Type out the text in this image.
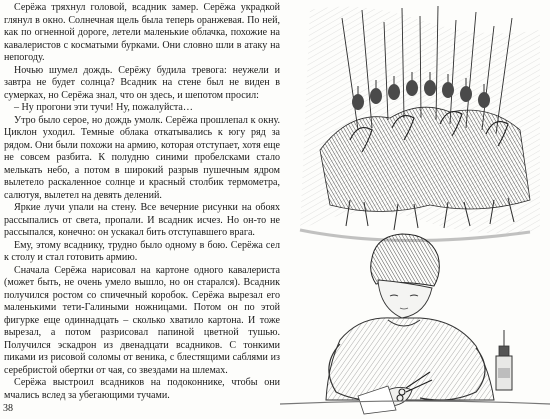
Серёжа тряхнул головой, всадник замер. Серёжа украдкой глянул в окно. Солнечная щель была теперь оранжевая. По ней, как по огненной дороге, летели маленькие облачка, похожие на кавалеристов с косматыми бурками. Они словно шли в атаку на непогоду.

Ночью шумел дождь. Серёжу будила тревога: неужели и завтра не будет солнца? Всадник на стене был не виден в сумерках, но Серёжа знал, что он здесь, и шепотом просил:

– Ну прогони эти тучи! Ну, пожалуйста…

Утро было серое, но дождь умолк. Серёжа прошлепал к окну. Циклон уходил. Темные облака откатывались к югу ряд за рядом. Они были похожи на армию, которая отступает, хотя еще не совсем разбита. К полудню синими пробелсками стало мелькать небо, а потом в широкий разрыв пушечным ядром вылетело раскаленное солнце и красный столбик термометра, салютуя, вылетел на девять делений.

Яркие лучи упали на стену. Все вечерние рисунки на обоях рассыпались от света, пропали. И всадник исчез. Но он-то не рассыпался, конечно: он ускакал бить отступавшего врага.

Ему, этому всаднику, трудно было одному в бою. Серёжа сел к столу и стал готовить армию.

Сначала Серёжа нарисовал на картоне одного кавалериста (может быть, не очень умело вышло, но он старался). Всадник получился ростом со спичечный коробок. Серёжа вырезал его маленькими тети-Галиными ножницами. Потом он по этой фигурке еще одиннадцать – сколько хватило картона. И тоже вырезал, а потом разрисовал папиной цветной тушью. Получился эскадрон из двенадцати всадников. С тонкими пиками из рисовой соломы от веника, с блестящими саблями из серебристой обертки от чая, со звездами на шлемах.

Серёжа выстроил всадников на подоконнике, чтобы они мчались вслед за убегающими тучами.

38
